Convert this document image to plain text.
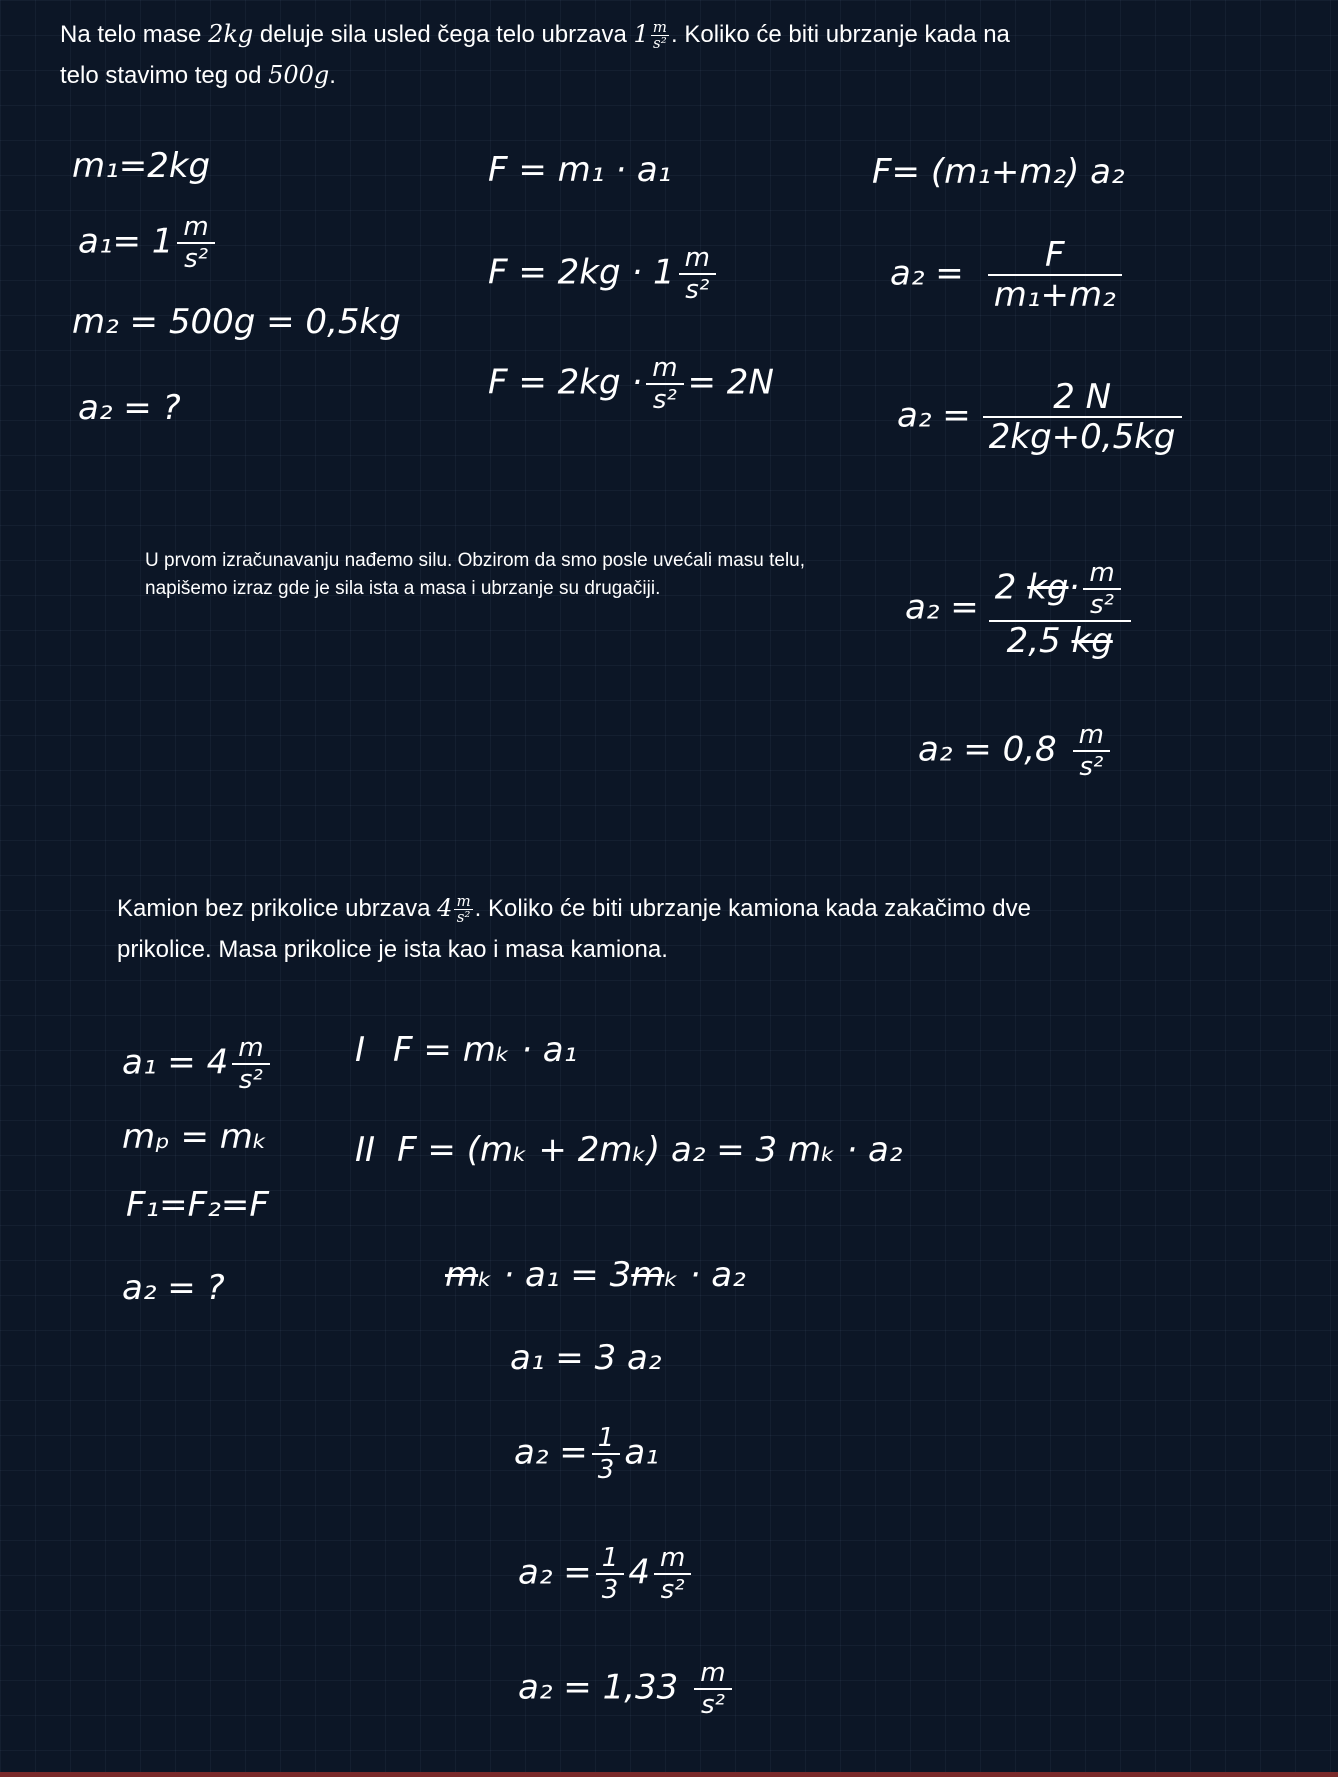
Na telo mase 2kg deluje sila usled čega telo ubrzava $1 \frac{m}{\text{s²}}$ . Koliko će biti ubrzanje kada na telo stavimo teg od 500g.
m₁=2kg
$a_1= 1 \frac{m}{\text{s²}}$
m₂ = 500g = 0,5kg
a₂ = ?
F = m₁ · a₁
$F = 2kg \cdot 1 \frac{m}{\text{s²}}$
$F = 2kg \cdot \frac{m}{\text{s²}} = 2N$
F= (m₁+m₂) a₂
$a_2 = \frac{F}{\text{m₁+m₂}}$
$a_2 = \frac{2 N}{2kg+0,5kg}$
$a_2 = \frac{2 kg\cdot \frac{m}{\text{s²}}}{2,5 kg}$
$a_2 = 0,8 \frac{m}{\text{s²}}$
U prvom izračunavanju nađemo silu. Obzirom da smo posle uvećali masu telu, napišemo izraz gde je sila ista a masa i ubrzanje su drugačiji.
Kamion bez prikolice ubrzava $4 \frac{m}{\text{s²}}$ . Koliko će biti ubrzanje kamiona kada zakačimo dve prikolice. Masa prikolice je ista kao i masa kamiona.
$a_1 = 4 \frac{m}{\text{s²}}$
mₚ = mₖ
F₁=F₂=F
a₂ = ?
I F = mₖ · a₁
II F = (mₖ + 2mₖ) a₂ = 3 mₖ · a₂
mₖ · a₁ = 3mₖ · a₂
a₁ = 3 a₂
$a_2 = \frac{1}{3} a_1$
$a_2 = \frac{1}{3} 4 \frac{m}{\text{s²}}$
$a_2 = 1,33 \frac{m}{\text{s²}}$
